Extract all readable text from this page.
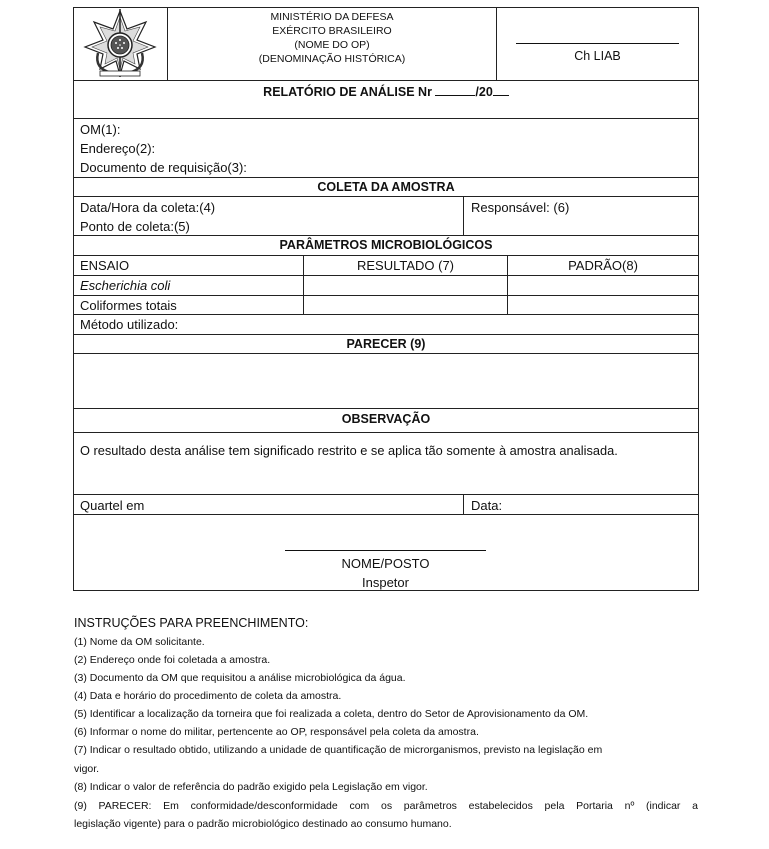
MINISTÉRIO DA DEFESA
EXÉRCITO BRASILEIRO
(NOME DO OP)
(DENOMINAÇÃO HISTÓRICA)	Ch LIAB
RELATÓRIO DE ANÁLISE Nr	/20
OM(1):
Endereço(2):
Documento de requisição(3):
COLETA DA AMOSTRA
Data/Hora da coleta:(4)
Ponto de coleta:(5)
Responsável: (6)
PARÂMETROS MICROBIOLÓGICOS
ENSAIO	RESULTADO (7)	PADRÃO(8)
Escherichia coli
Coliformes totais
Método utilizado:
PARECER (9)
OBSERVAÇÃO
O resultado desta análise tem significado restrito e se aplica tão somente à amostra analisada.
Quartel em	Data:
NOME/POSTO
Inspetor
INSTRUÇÕES PARA PREENCHIMENTO:
(1) Nome da OM solicitante.
(2) Endereço onde foi coletada a amostra.
(3) Documento da OM que requisitou a análise microbiológica da água.
(4) Data e horário do procedimento de coleta da amostra.
(5) Identificar a localização da torneira que foi realizada a coleta, dentro do Setor de Aprovisionamento da OM.
(6) Informar o nome do militar, pertencente ao OP, responsável pela coleta da amostra.
(7) Indicar o resultado obtido, utilizando a unidade de quantificação de microrganismos, previsto na legislação em
vigor.
(8) Indicar o valor de referência do padrão exigido pela Legislação em vigor.
(9) PARECER: Em conformidade/desconformidade com os parâmetros estabelecidos pela Portaria nº (indicar a
legislação vigente) para o padrão microbiológico destinado ao consumo humano.
